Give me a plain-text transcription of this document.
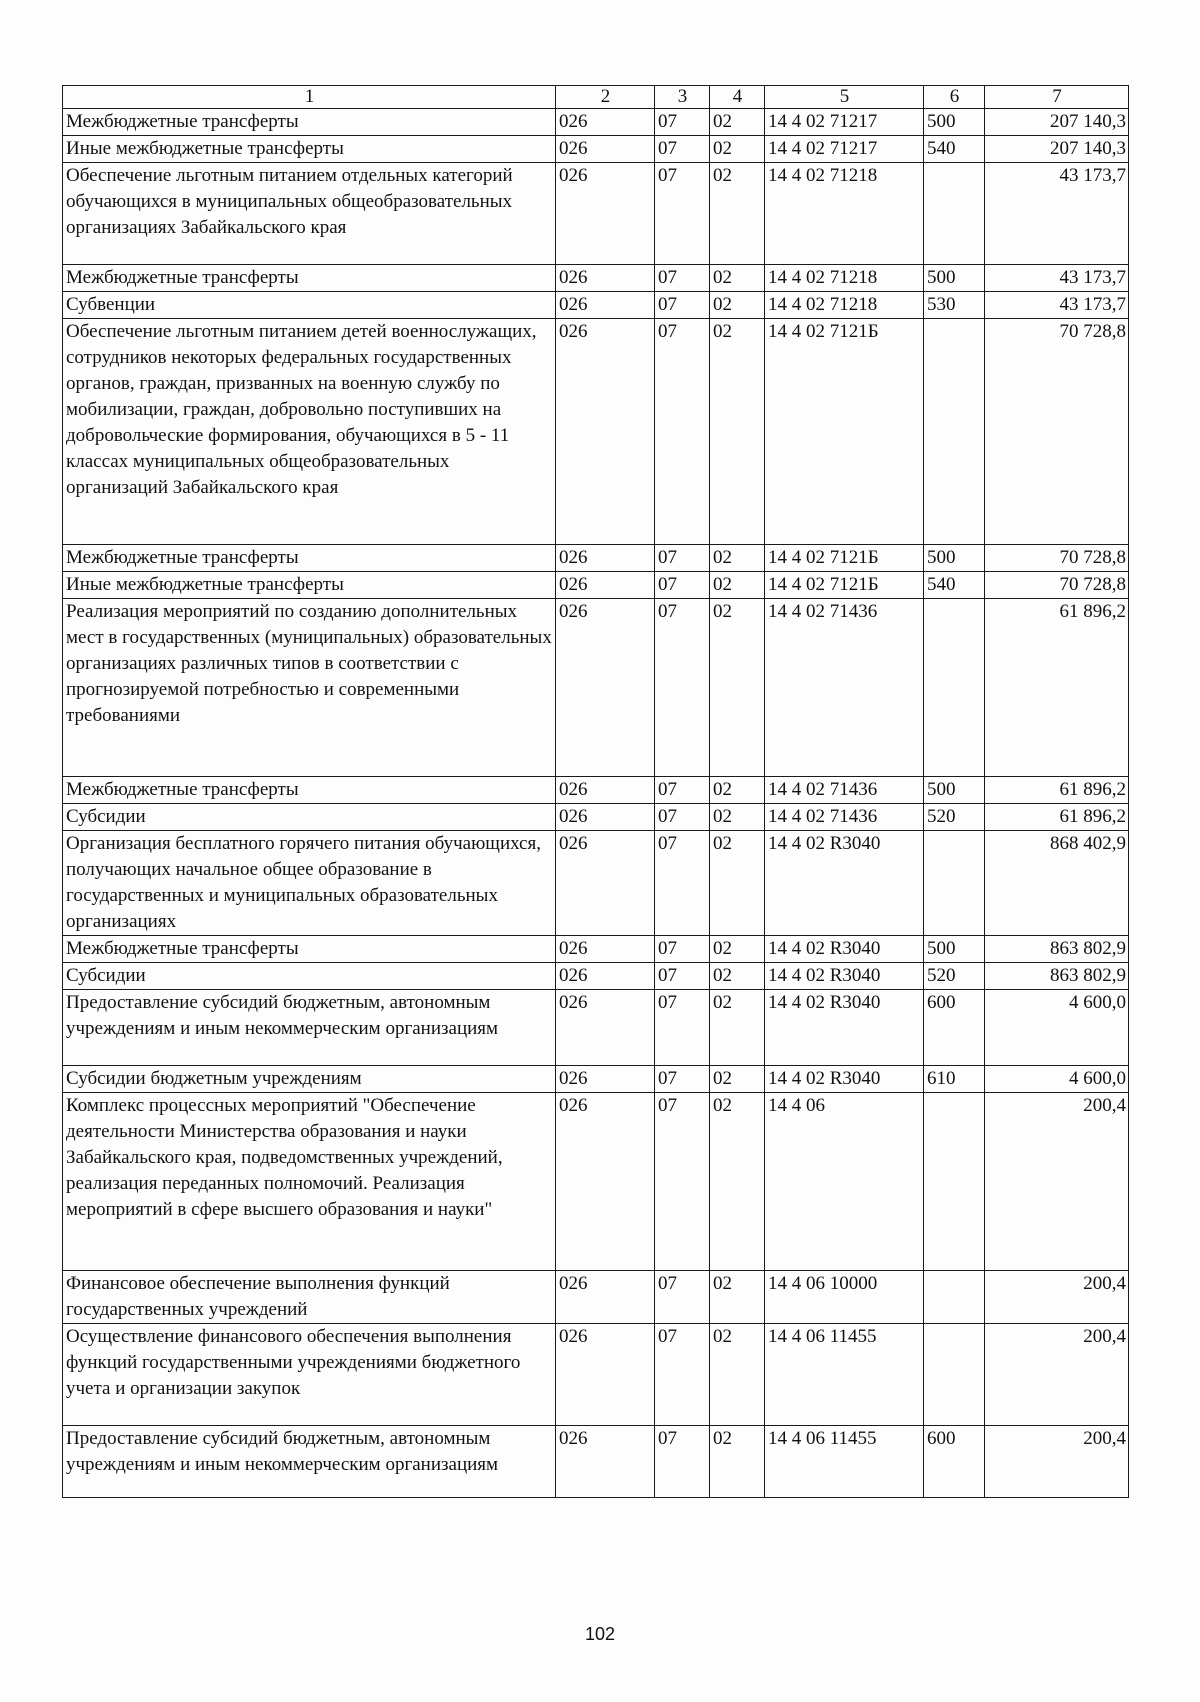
1	2	3	4	5	6	7
Межбюджетные трансферты	026	07	02	14 4 02 71217	500	207 140,3
Иные межбюджетные трансферты	026	07	02	14 4 02 71217	540	207 140,3
Обеспечение льготным питанием отдельных категорий обучающихся в муниципальных общеобразовательных организациях Забайкальского края	026	07	02	14 4 02 71218		43 173,7
Межбюджетные трансферты	026	07	02	14 4 02 71218	500	43 173,7
Субвенции	026	07	02	14 4 02 71218	530	43 173,7
Обеспечение льготным питанием детей военнослужащих, сотрудников некоторых федеральных государственных органов, граждан, призванных на военную службу по мобилизации, граждан, добровольно поступивших на добровольческие формирования, обучающихся в 5 - 11 классах муниципальных общеобразовательных организаций Забайкальского края	026	07	02	14 4 02 7121Б		70 728,8
Межбюджетные трансферты	026	07	02	14 4 02 7121Б	500	70 728,8
Иные межбюджетные трансферты	026	07	02	14 4 02 7121Б	540	70 728,8
Реализация мероприятий по созданию дополнительных мест в государственных (муниципальных) образовательных организациях различных типов в соответствии с прогнозируемой потребностью и современными требованиями	026	07	02	14 4 02 71436		61 896,2
Межбюджетные трансферты	026	07	02	14 4 02 71436	500	61 896,2
Субсидии	026	07	02	14 4 02 71436	520	61 896,2
Организация бесплатного горячего питания обучающихся, получающих начальное общее образование в государственных и муниципальных образовательных организациях	026	07	02	14 4 02 R3040		868 402,9
Межбюджетные трансферты	026	07	02	14 4 02 R3040	500	863 802,9
Субсидии	026	07	02	14 4 02 R3040	520	863 802,9
Предоставление субсидий бюджетным, автономным учреждениям и иным некоммерческим организациям	026	07	02	14 4 02 R3040	600	4 600,0
Субсидии бюджетным учреждениям	026	07	02	14 4 02 R3040	610	4 600,0
Комплекс процессных мероприятий "Обеспечение деятельности Министерства образования и науки Забайкальского края, подведомственных учреждений, реализация переданных полномочий. Реализация мероприятий в сфере высшего образования и науки"	026	07	02	14 4 06		200,4
Финансовое обеспечение выполнения функций государственных учреждений	026	07	02	14 4 06 10000		200,4
Осуществление финансового обеспечения выполнения функций государственными учреждениями бюджетного учета и организации закупок	026	07	02	14 4 06 11455		200,4
Предоставление субсидий бюджетным, автономным учреждениям и иным некоммерческим организациям	026	07	02	14 4 06 11455	600	200,4
102
